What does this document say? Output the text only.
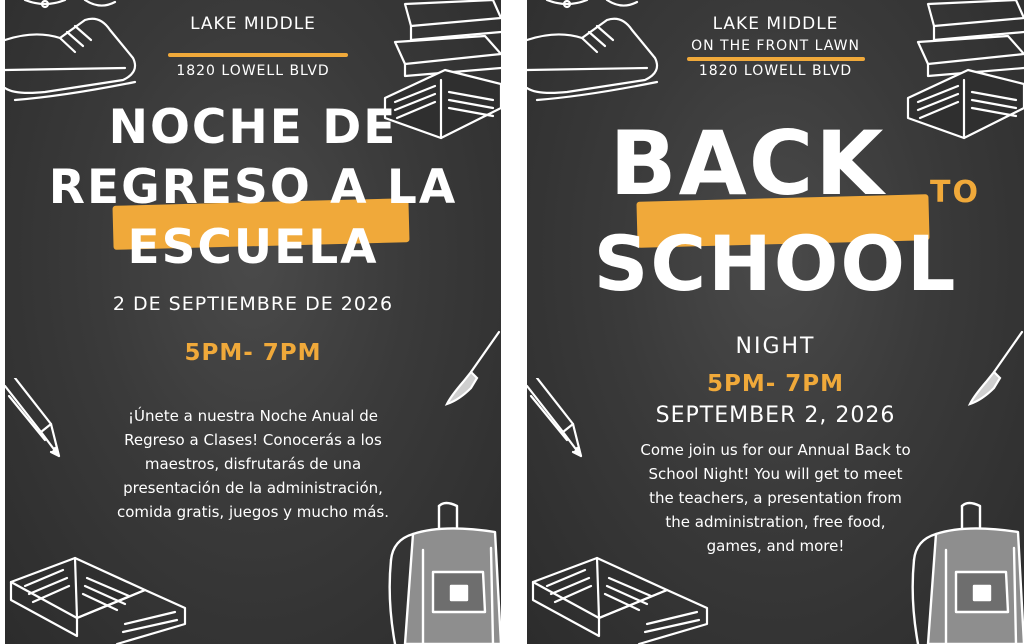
LAKE MIDDLE
1820 LOWELL BLVD
NOCHE DE
REGRESO A LA
ESCUELA
2 DE SEPTIEMBRE DE 2026
5PM- 7PM
¡Únete a nuestra Noche Anual de
Regreso a Clases! Conocerás a los
maestros, disfrutarás de una
presentación de la administración,
comida gratis, juegos y mucho más.
LAKE MIDDLE
ON THE FRONT LAWN
1820 LOWELL BLVD
BACK	TO
SCHOOL
NIGHT
5PM- 7PM
SEPTEMBER 2, 2026
Come join us for our Annual Back to
School Night! You will get to meet
the teachers, a presentation from
the administration, free food,
games, and more!
